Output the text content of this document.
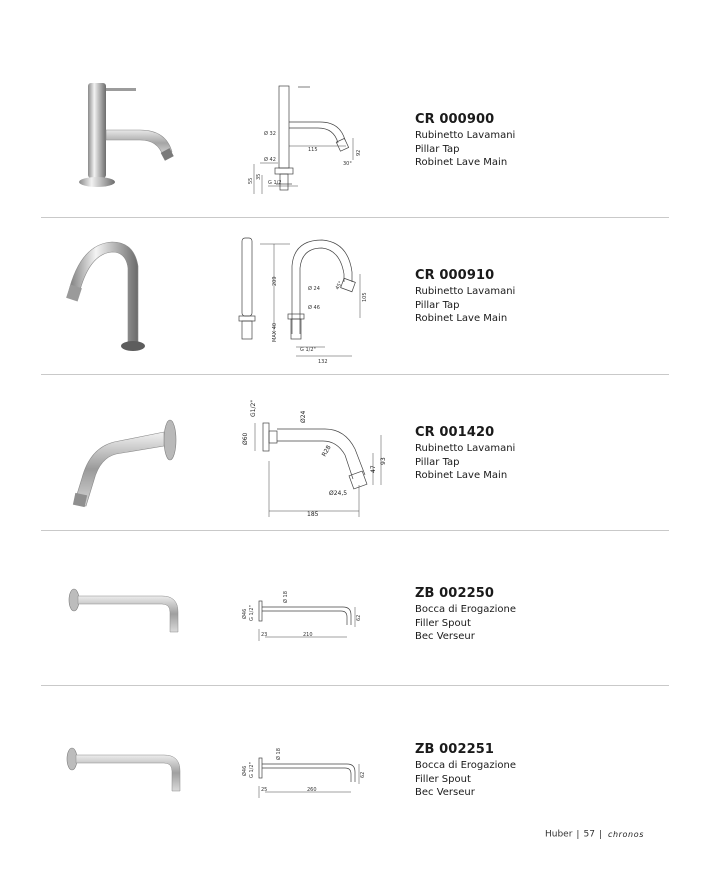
Ø 32
Ø 42
115
30°
92
55
35
G 1/2
CR 000900
Rubinetto Lavamani
Pillar Tap
Robinet Lave Main
Ø 24
Ø 46
209
105
MAX 40
G 1/2"
132
45°
CR 000910
Rubinetto Lavamani
Pillar Tap
Robinet Lave Main
Ø60
G1/2"	Ø24
R28
47
93
Ø24,5
185
CR 001420
Rubinetto Lavamani
Pillar Tap
Robinet Lave Main
Ø46 G 1/2"
Ø 18
23	210
62
ZB 002250
Bocca di Erogazione
Filler Spout
Bec Verseur
Ø46 G 1/2"
Ø 18
25	260
62
ZB 002251
Bocca di Erogazione
Filler Spout
Bec Verseur
Huber | 57 | chronos
